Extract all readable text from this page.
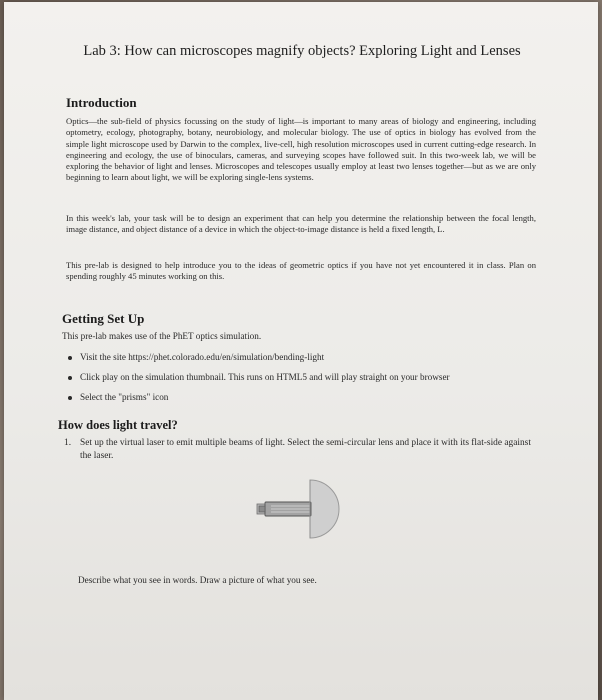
Lab 3: How can microscopes magnify objects? Exploring Light and Lenses
Introduction
Optics—the sub-field of physics focussing on the study of light—is important to many areas of biology and engineering, including optometry, ecology, photography, botany, neurobiology, and molecular biology. The use of optics in biology has evolved from the simple light microscope used by Darwin to the complex, live-cell, high resolution microscopes used in current cutting-edge research. In engineering and ecology, the use of binoculars, cameras, and surveying scopes have followed suit. In this two-week lab, we will be exploring the behavior of light and lenses. Microscopes and telescopes usually employ at least two lenses together—but as we are only beginning to learn about light, we will be exploring single-lens systems.
In this week's lab, your task will be to design an experiment that can help you determine the relationship between the focal length, image distance, and object distance of a device in which the object-to-image distance is held a fixed length, L.
This pre-lab is designed to help introduce you to the ideas of geometric optics if you have not yet encountered it in class. Plan on spending roughly 45 minutes working on this.
Getting Set Up
This pre-lab makes use of the PhET optics simulation.
Visit the site https://phet.colorado.edu/en/simulation/bending-light
Click play on the simulation thumbnail. This runs on HTML5 and will play straight on your browser
Select the "prisms" icon
How does light travel?
1. Set up the virtual laser to emit multiple beams of light. Select the semi-circular lens and place it with its flat-side against the laser.
Describe what you see in words. Draw a picture of what you see.
